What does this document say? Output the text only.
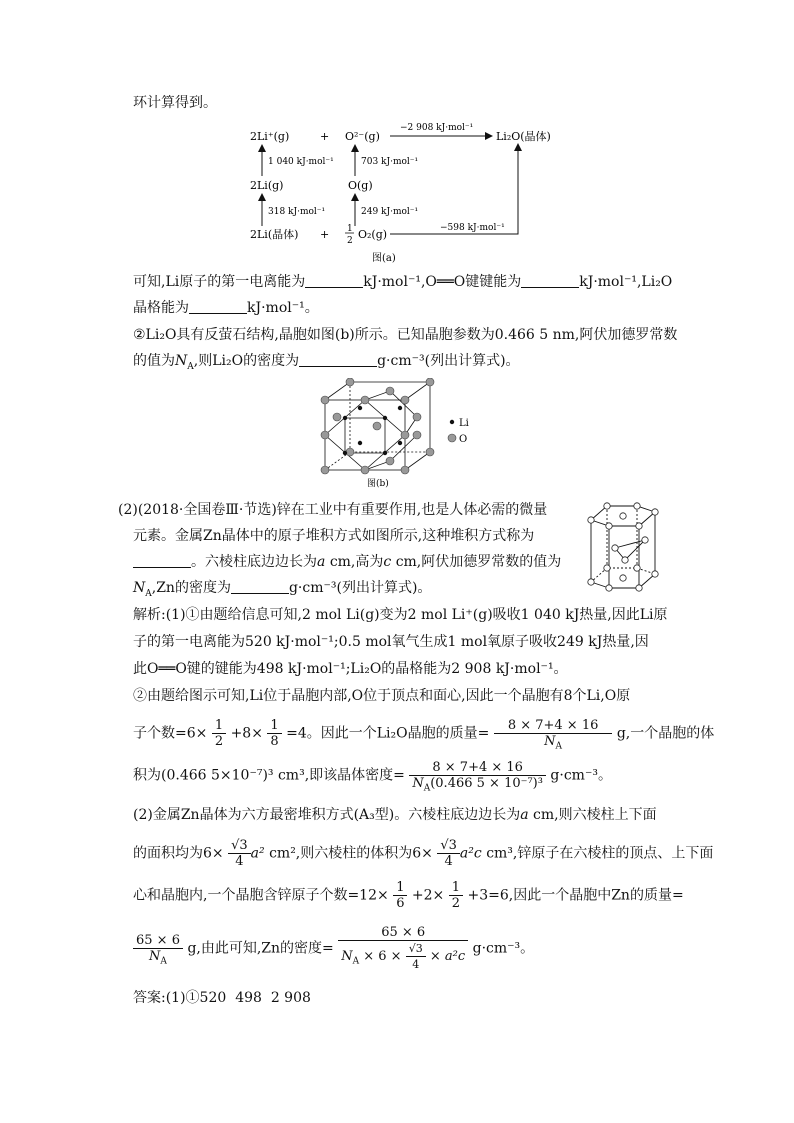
环计算得到。
2Li⁺(g)	+ O²⁻(g)
−2 908 kJ·mol⁻¹
Li₂O(晶体)
1 040 kJ·mol⁻¹	703 kJ·mol⁻¹
2Li(g)	O(g)
318 kJ·mol⁻¹	249 kJ·mol⁻¹
2Li(晶体) + 1
2 O₂(g)	−598 kJ·mol⁻¹
图(a)
可知,Li原子的第一电离能为	kJ·mol⁻¹,O══O键键能为	kJ·mol⁻¹,Li₂O
晶格能为	kJ·mol⁻¹。
②Li₂O具有反萤石结构,晶胞如图(b)所示。已知晶胞参数为0.466 5 nm,阿伏加德罗常数
的值为$N_A$,则Li₂O的密度为	g·cm⁻³(列出计算式)。
Li
O
图(b)
(2)(2018·全国卷Ⅲ·节选)锌在工业中有重要作用,也是人体必需的微量
元素。金属Zn晶体中的原子堆积方式如图所示,这种堆积方式称为
。六棱柱底边边长为a cm,高为c cm,阿伏加德罗常数的值为
$N_A,Zn$的密度为	g·cm⁻³(列出计算式)。
解析:(1)①由题给信息可知,2 mol Li(g)变为2 mol Li⁺(g)吸收1 040 kJ热量,因此Li原
子的第一电离能为520 kJ·mol⁻¹;0.5 mol氧气生成1 mol氧原子吸收249 kJ热量,因
此O══O键的键能为498 kJ·mol⁻¹;Li₂O的晶格能为2 908 kJ·mol⁻¹。
②由题给图示可知,Li位于晶胞内部,O位于顶点和面心,因此一个晶胞有8个Li,O原
子个数$=6\times \frac{1}{2} +8\times \frac{1}{8} =4$。因此一个Li₂O晶胞的质量= $\frac{8 \times 7+4 \times 16}{N_A} g$,一个晶胞的体
积为(0.466 5×10⁻⁷)³ cm³,即该晶体密度= $\frac{8 \times 7+4 \times 16}{N_A(0.466 5 \times 10^{-7})^3} g\cdot cm^{-3}$。
(2)金属Zn晶体为六方最密堆积方式(A₃型)。六棱柱底边边长为a cm,则六棱柱上下面
的面积均为$6\times \frac{√3}{4} a^2$ cm²,则六棱柱的体积为$6\times \frac{√3}{4} a^2c$ cm³,锌原子在六棱柱的顶点、上下面
心和晶胞内,一个晶胞含锌原子个数$=12\times \frac{1}{6} +2\times \frac{1}{2} +3=6$,因此一个晶胞中Zn的质量=
$\frac{65 \times 6}{N_A} g$,由此可知,Zn的密度= $\frac{65 \times 6}{N_A \times 6 \times \frac{√3}{4} \times a^2c} g\cdot cm^{-3}$。
答案:(1)①520 498 2 908
